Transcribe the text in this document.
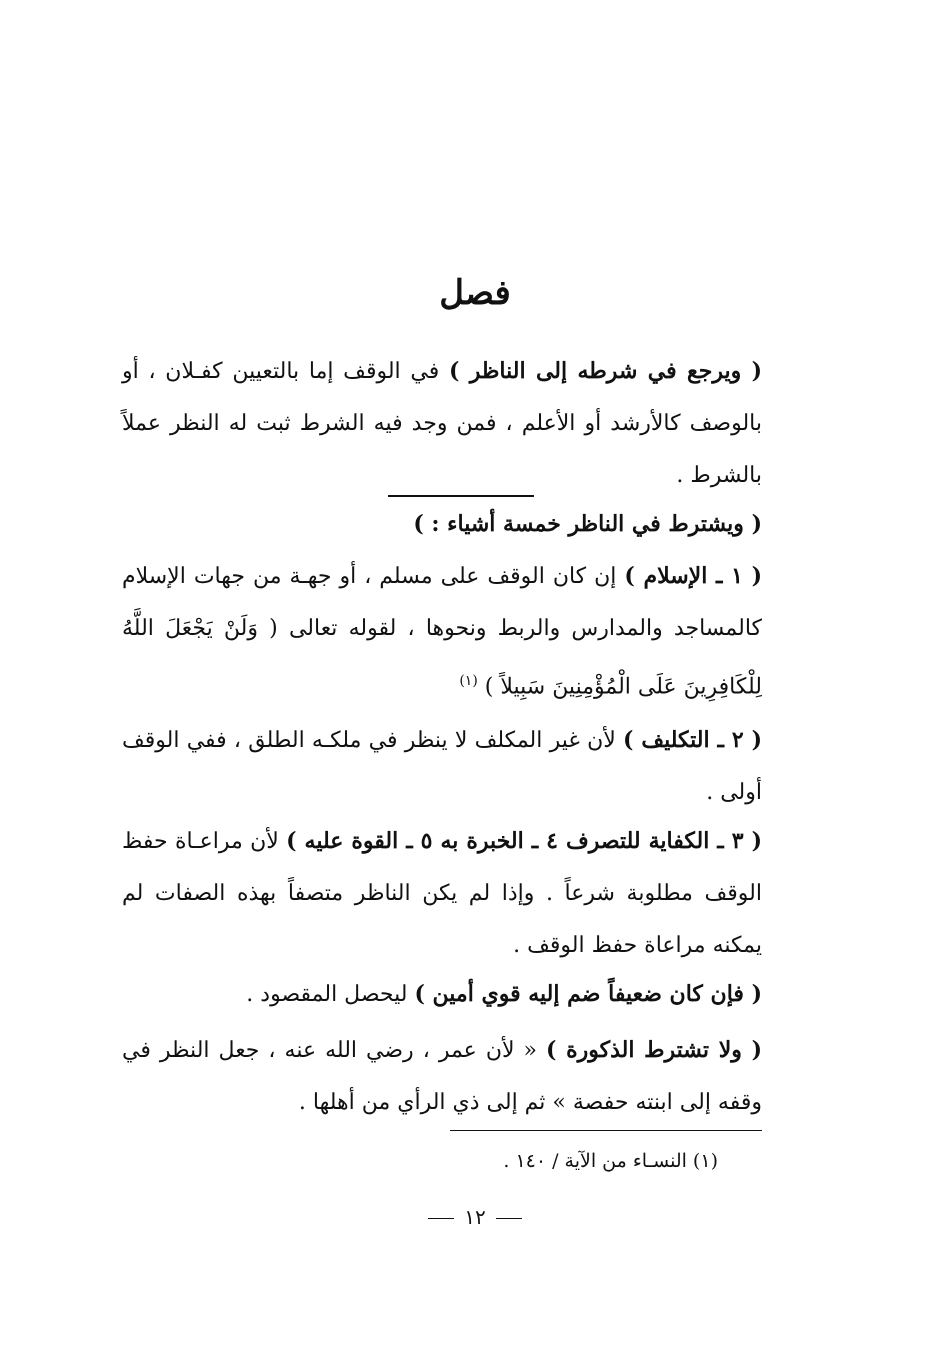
فصل
( ويرجع في شرطه إلى الناظر ) في الوقف إما بالتعيين كفـلان ، أو بالوصف كالأرشد أو الأعلم ، فمن وجد فيه الشرط ثبت له النظر عملاً بالشرط .
( ويشترط في الناظر خمسة أشياء : )
( ١ ـ الإسلام ) إن كان الوقف على مسلم ، أو جهـة من جهات الإسلام كالمساجد والمدارس والربط ونحوها ، لقوله تعالى ( وَلَنْ يَجْعَلَ اللَّهُ لِلْكَافِرِينَ عَلَى الْمُؤْمِنِينَ سَبِيلاً ) $^{(١)}$
( ٢ ـ التكليف ) لأن غير المكلف لا ينظر في ملكـه الطلق ، ففي الوقف أولى .
( ٣ ـ الكفاية للتصرف ٤ ـ الخبرة به ٥ ـ القوة عليه ) لأن مراعـاة حفظ الوقف مطلوبة شرعاً . وإذا لم يكن الناظر متصفاً بهذه الصفات لم يمكنه مراعاة حفظ الوقف .
( فإن كان ضعيفاً ضم إليه قوي أمين ) ليحصل المقصود .
( ولا تشترط الذكورة ) « لأن عمر ، رضي الله عنه ، جعل النظر في وقفه إلى ابنته حفصة » ثم إلى ذي الرأي من أهلها .
(١) النسـاء من الآية / ١٤٠ .
١٢
